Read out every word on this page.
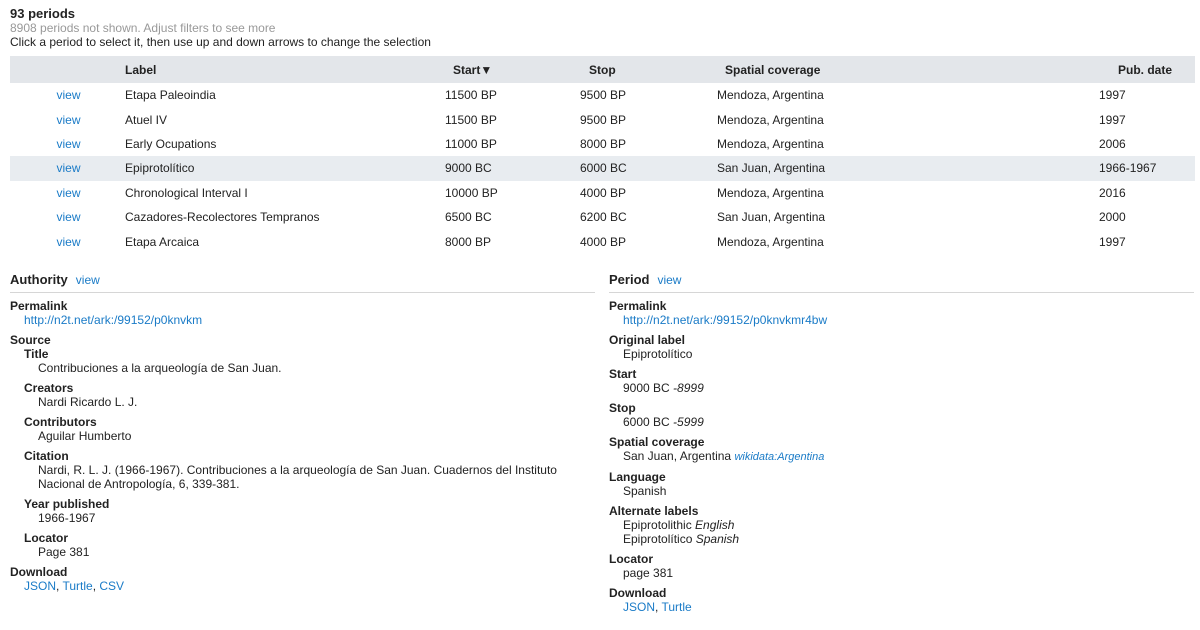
93 periods
8908 periods not shown. Adjust filters to see more
Click a period to select it, then use up and down arrows to change the selection
	Label	Start▼	Stop	Spatial coverage	Pub. date
view	Etapa Paleoindia	11500 BP	9500 BP	Mendoza, Argentina	1997
view	Atuel IV	11500 BP	9500 BP	Mendoza, Argentina	1997
view	Early Ocupations	11000 BP	8000 BP	Mendoza, Argentina	2006
view	Epiprotolítico	9000 BC	6000 BC	San Juan, Argentina	1966-1967
view	Chronological Interval I	10000 BP	4000 BP	Mendoza, Argentina	2016
view	Cazadores-Recolectores Tempranos	6500 BC	6200 BC	San Juan, Argentina	2000
view	Etapa Arcaica	8000 BP	4000 BP	Mendoza, Argentina	1997
Authority view
Permalink
http://n2t.net/ark:/99152/p0knvkm
Source
Title
Contribuciones a la arqueología de San Juan.
Creators
Nardi Ricardo L. J.
Contributors
Aguilar Humberto
Citation
Nardi, R. L. J. (1966-1967). Contribuciones a la arqueología de San Juan. Cuadernos del Instituto
Nacional de Antropología, 6, 339-381.
Year published
1966-1967
Locator
Page 381
Download
JSON, Turtle, CSV
Period view
Permalink
http://n2t.net/ark:/99152/p0knvkmr4bw
Original label
Epiprotolítico
Start
9000 BC -8999
Stop
6000 BC -5999
Spatial coverage
San Juan, Argentina wikidata:Argentina
Language
Spanish
Alternate labels
Epiprotolithic English
Epiprotolítico Spanish
Locator
page 381
Download
JSON, Turtle
